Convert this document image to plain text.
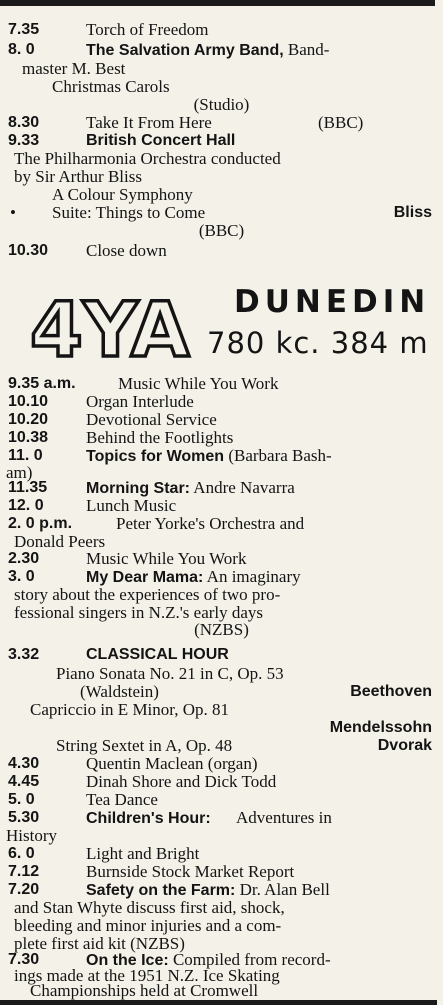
7.35	Torch of Freedom
8. 0	The Salvation Army Band, Band-
master M. Best
Christmas Carols
(Studio)
8.30	Take It From Here	(BBC)
9.33	British Concert Hall
The Philharmonia Orchestra conducted
by Sir Arthur Bliss
A Colour Symphony
• Suite: Things to Come	Bliss
(BBC)
10.30 Close down
4YA DUNEDIN
780 kc. 384 m
9.35 a.m. Music While You Work
10.10 Organ Interlude
10.20 Devotional Service
10.38 Behind the Footlights
11. 0	Topics for Women (Barbara Bash-
am)
11.35 Morning Star: Andre Navarra
12. 0 Lunch Music
2. 0 p.m.	Peter Yorke's Orchestra and
Donald Peers
2.30	Music While You Work
3. 0	My Dear Mama: An imaginary
story about the experiences of two pro-
fessional singers in N.Z.'s early days
(NZBS)
3.32	CLASSICAL HOUR
Piano Sonata No. 21 in C, Op. 53
(Waldstein)	Beethoven
Capriccio in E Minor, Op. 81
Mendelssohn
String Sextet in A, Op. 48	Dvorak
4.30	Quentin Maclean (organ)
4.45	Dinah Shore and Dick Todd
5. 0	Tea Dance
5.30	Children's Hour: Adventures in
History
6. 0	Light and Bright
7.12	Burnside Stock Market Report
7.20	Safety on the Farm: Dr. Alan Bell
and Stan Whyte discuss first aid, shock,
bleeding and minor injuries and a com-
plete first aid kit (NZBS)
7.30	On the Ice: Compiled from record-
ings made at the 1951 N.Z. Ice Skating
Championships held at Cromwell
